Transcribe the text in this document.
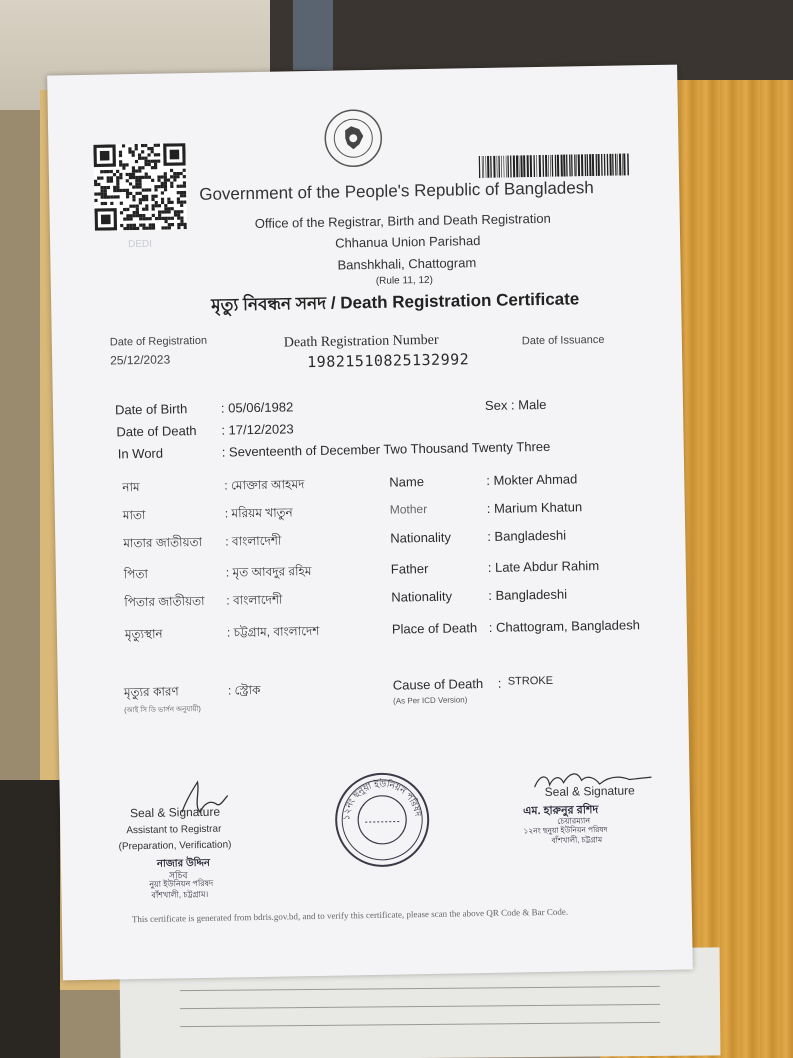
DEDI
Government of the People's Republic of Bangladesh
Office of the Registrar, Birth and Death Registration
Chhanua Union Parishad
Banshkhali, Chattogram
(Rule 11, 12)
মৃত্যু নিবন্ধন সনদ / Death Registration Certificate
Date of Registration
25/12/2023
Death Registration Number
19821510825132992
Date of Issuance
Date of Birth	: 05/06/1982	Sex : Male
Date of Death : 17/12/2023
In Word	: Seventeenth of December Two Thousand Twenty Three
নাম	: মোক্তার আহমদ	Name	: Mokter Ahmad
মাতা	: মরিয়ম খাতুন	Mother	: Marium Khatun
মাতার জাতীয়তা : বাংলাদেশী	Nationality	: Bangladeshi
পিতা	: মৃত আবদুর রহিম	Father	: Late Abdur Rahim
পিতার জাতীয়তা : বাংলাদেশী	Nationality	: Bangladeshi
মৃত্যুস্থান	: চট্টগ্রাম, বাংলাদেশ	Place of Death : Chattogram, Bangladesh
মৃত্যুর কারণ
(আই সি ডি ভার্সন অনুযায়ী)
: স্ট্রোক	Cause of Death : STROKE
(As Per ICD Version)
Seal & Signature
Assistant to Registrar
(Preparation, Verification)
নাজার উদ্দিন
সচিব
নুয়া ইউনিয়ন পরিষদ
বাঁশখালী, চট্টগ্রাম।
১২নং ছনুয়া ইউনিয়ন পরিষদ
Seal & Signature
এম. হারুনুর রশিদ
চেয়ারম্যান
১২নং ছনুয়া ইউনিয়ন পরিষদ
বাঁশখালী, চট্টগ্রাম
This certificate is generated from bdris.gov.bd, and to verify this certificate, please scan the above QR Code & Bar Code.
